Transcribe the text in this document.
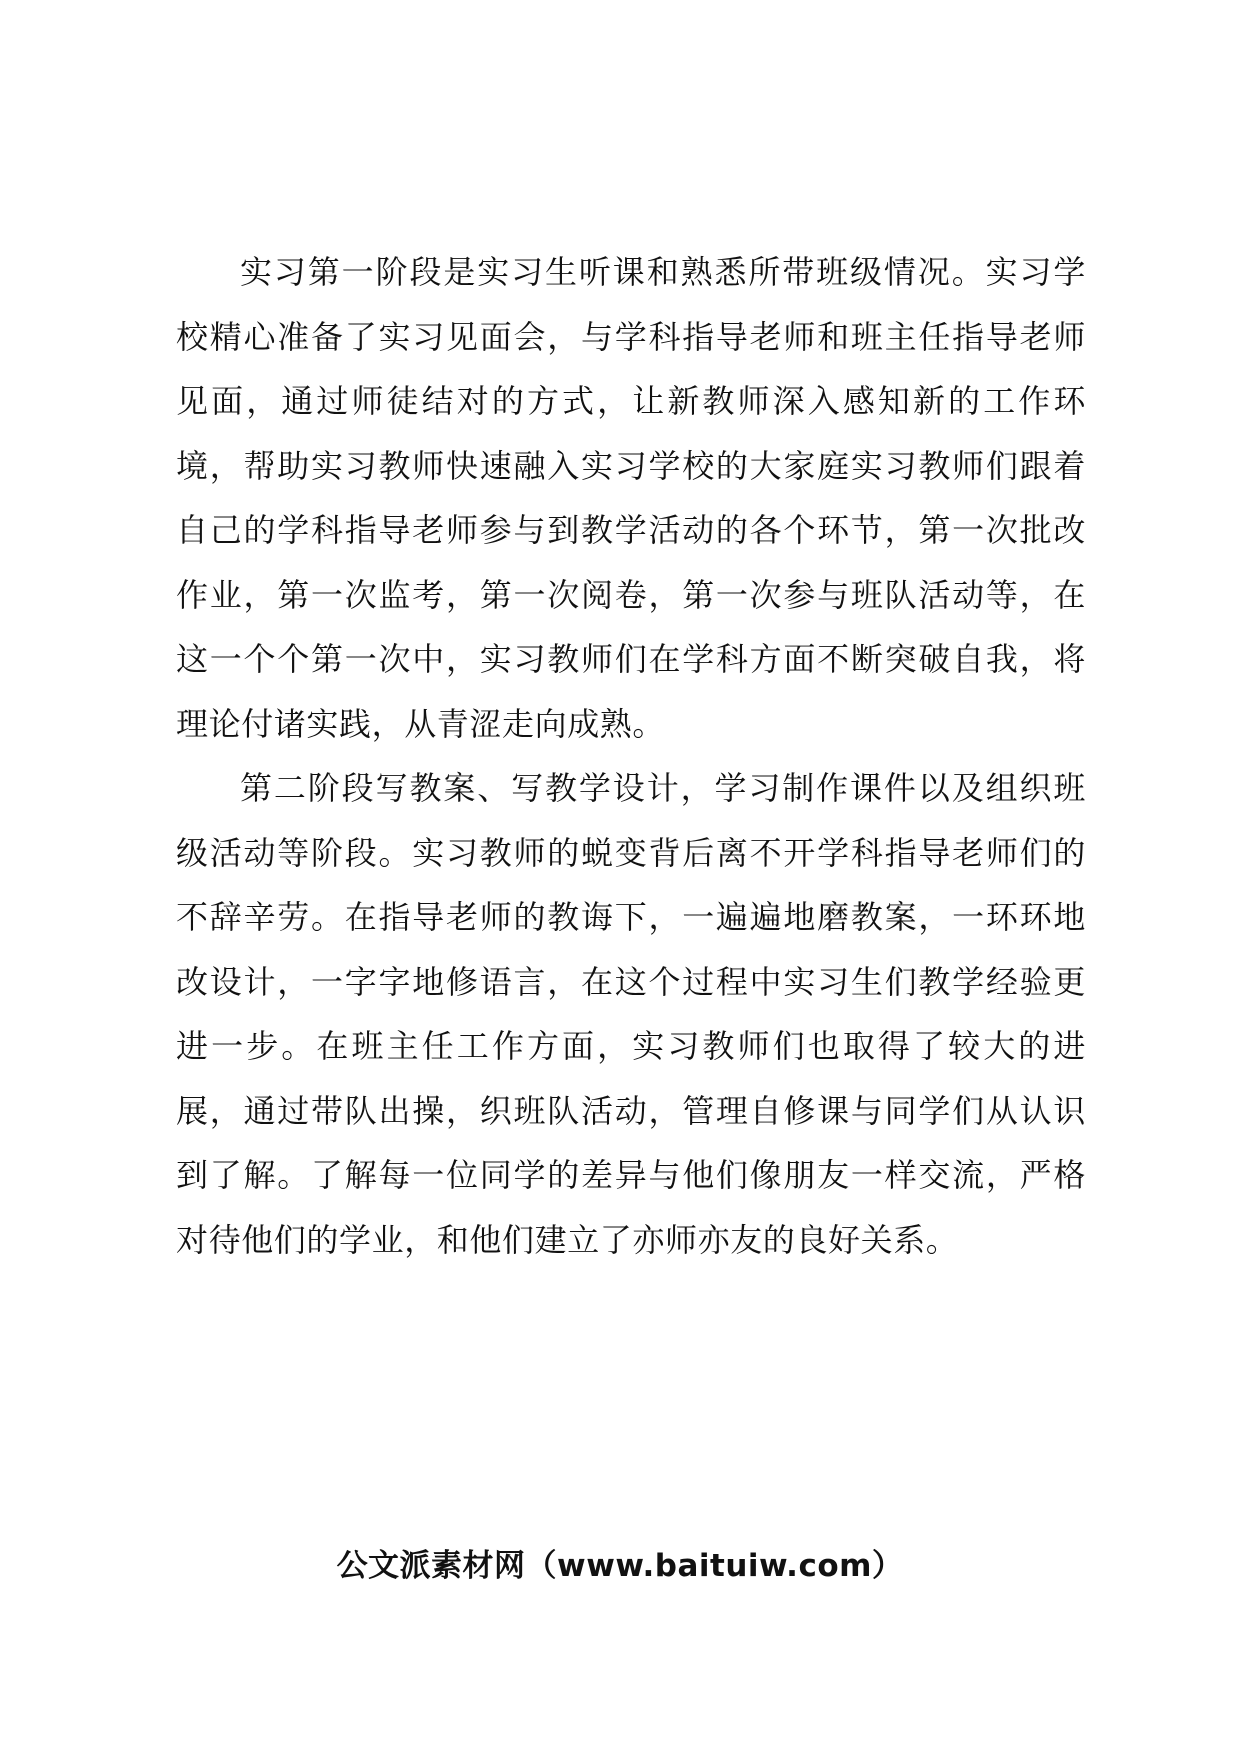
实习第一阶段是实习生听课和熟悉所带班级情况。实习学校精心准备了实习见面会，与学科指导老师和班主任指导老师见面，通过师徒结对的方式，让新教师深入感知新的工作环境，帮助实习教师快速融入实习学校的大家庭实习教师们跟着自己的学科指导老师参与到教学活动的各个环节，第一次批改作业，第一次监考，第一次阅卷，第一次参与班队活动等，在这一个个第一次中，实习教师们在学科方面不断突破自我，将理论付诸实践，从青涩走向成熟。

第二阶段写教案、写教学设计，学习制作课件以及组织班级活动等阶段。实习教师的蜕变背后离不开学科指导老师们的不辞辛劳。在指导老师的教诲下，一遍遍地磨教案，一环环地改设计，一字字地修语言，在这个过程中实习生们教学经验更进一步。在班主任工作方面，实习教师们也取得了较大的进展，通过带队出操，织班队活动，管理自修课与同学们从认识到了解。了解每一位同学的差异与他们像朋友一样交流，严格对待他们的学业，和他们建立了亦师亦友的良好关系。

公文派素材网（www.baituiw.com）
